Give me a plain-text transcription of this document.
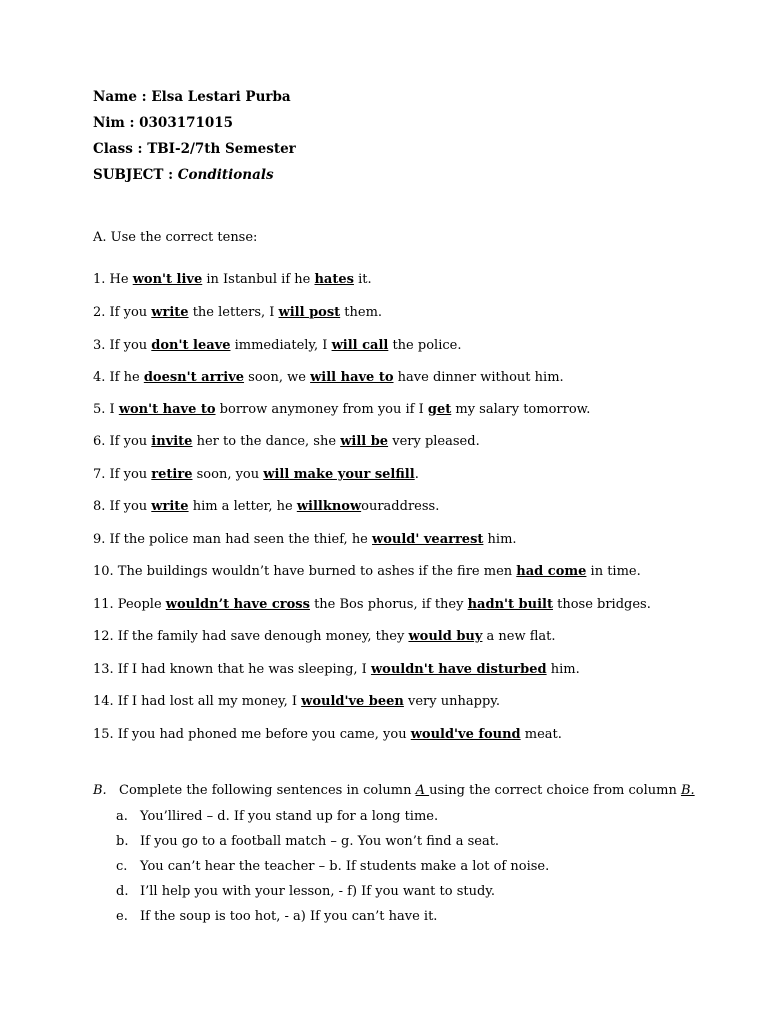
Name : Elsa Lestari Purba

Nim : 0303171015

Class : TBI-2/7th Semester

SUBJECT : Conditionals

A. Use the correct tense:

1. He won't live in Istanbul if he hates it.

2. If you write the letters, I will post them.

3. If you don't leave immediately, I will call the police.

4. If he doesn't arrive soon, we will have to have dinner without him.

5. I won't have to borrow anymoney from you if I get my salary tomorrow.

6. If you invite her to the dance, she will be very pleased.

7. If you retire soon, you will make your selfill.

8. If you write him a letter, he willknowouraddress.

9. If the police man had seen the thief, he would' vearrest him.

10. The buildings wouldn’t have burned to ashes if the fire men had come in time.

11. People wouldn’t have cross the Bos phorus, if they hadn't built those bridges.

12. If the family had save denough money, they would buy a new flat.

13. If I had known that he was sleeping, I wouldn't have disturbed him.

14. If I had lost all my money, I would've been very unhappy.

15. If you had phoned me before you came, you would've found meat.

B. Complete the following sentences in column A using the correct choice from column B.

a. You’llired – d. If you stand up for a long time.

b. If you go to a football match – g. You won’t find a seat.

c. You can’t hear the teacher – b. If students make a lot of noise.

d. I’ll help you with your lesson, - f) If you want to study.

e. If the soup is too hot, - a) If you can’t have it.
